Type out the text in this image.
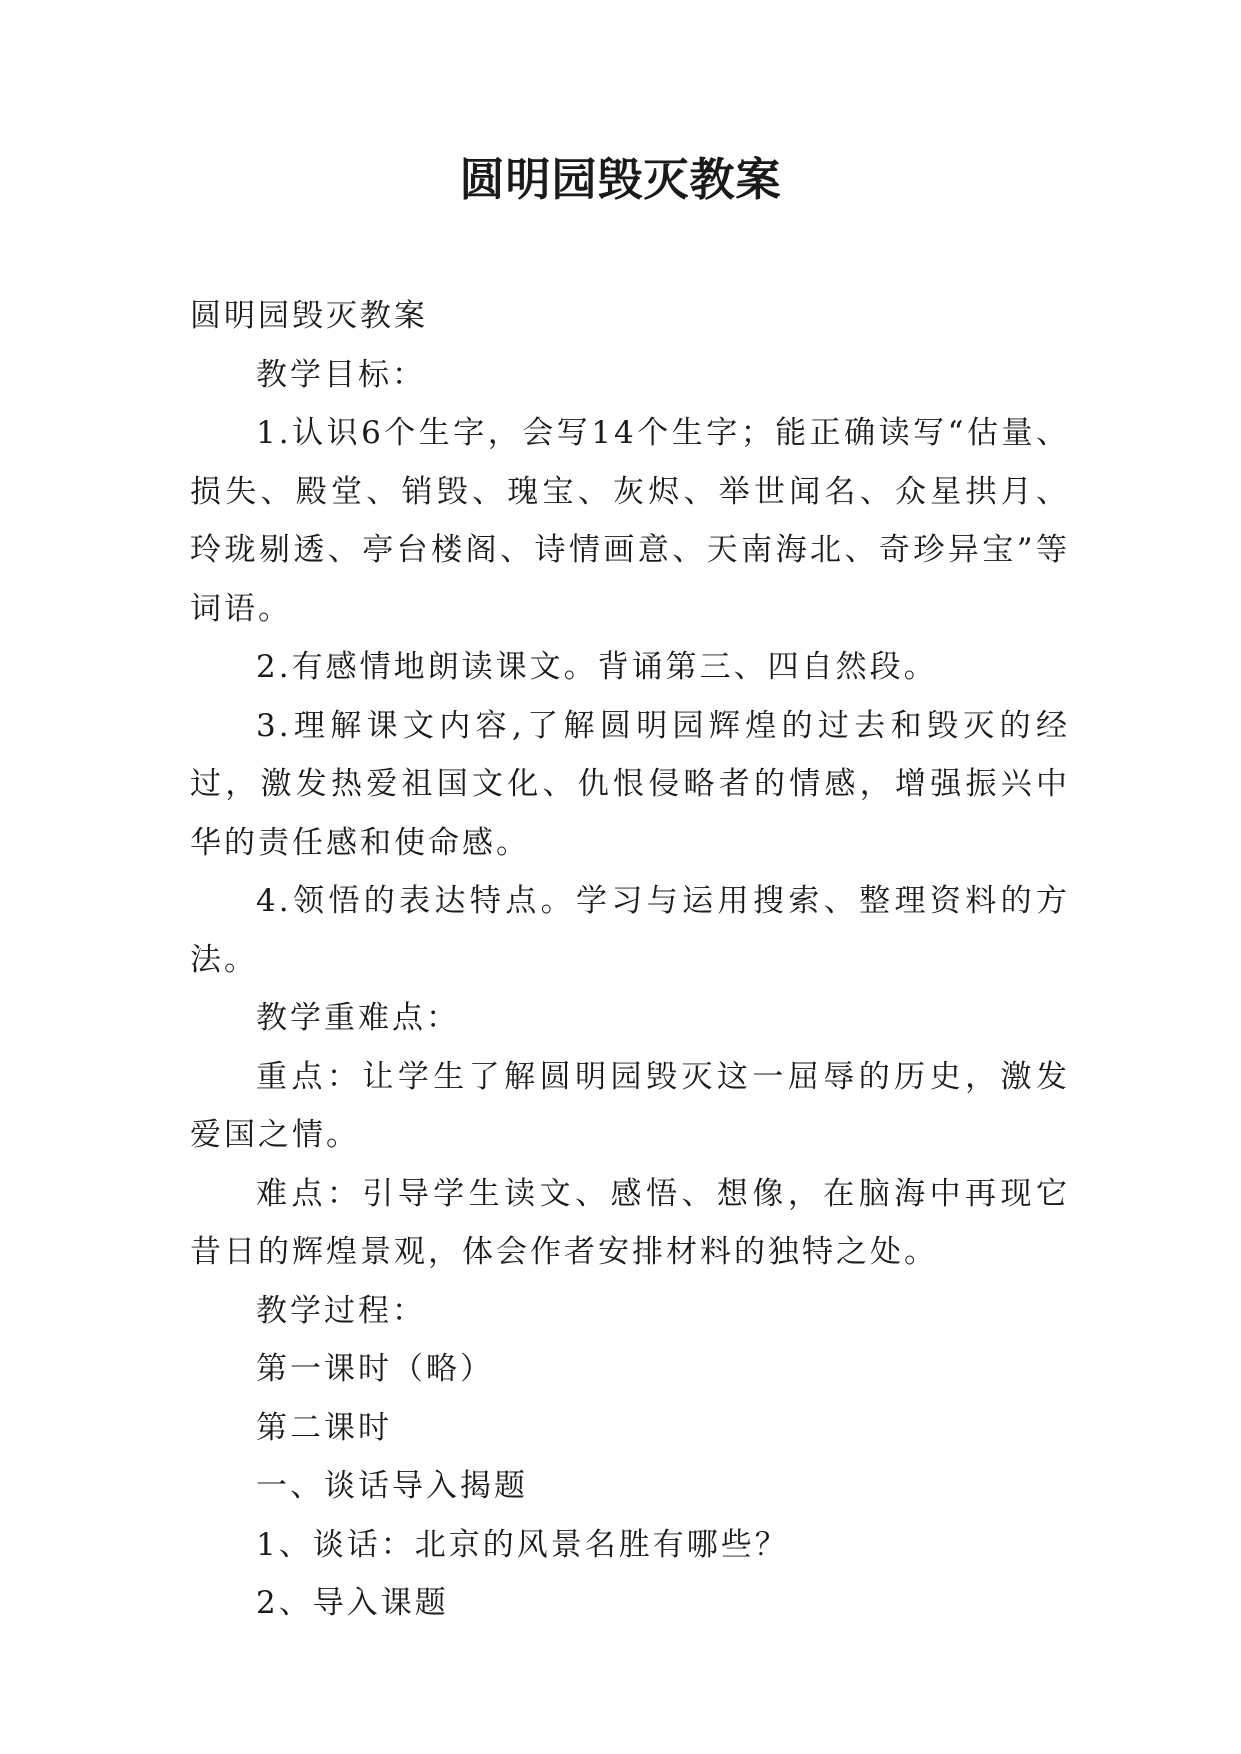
圆明园毁灭教案

圆明园毁灭教案

教学目标：

1.认识6个生字，会写14个生字；能正确读写“估量、损失、殿堂、销毁、瑰宝、灰烬、举世闻名、众星拱月、玲珑剔透、亭台楼阁、诗情画意、天南海北、奇珍异宝”等词语。

2.有感情地朗读课文。背诵第三、四自然段。

3.理解课文内容,了解圆明园辉煌的过去和毁灭的经过，激发热爱祖国文化、仇恨侵略者的情感，增强振兴中华的责任感和使命感。

4.领悟的表达特点。学习与运用搜索、整理资料的方法。

教学重难点：

重点：让学生了解圆明园毁灭这一屈辱的历史，激发爱国之情。

难点：引导学生读文、感悟、想像，在脑海中再现它昔日的辉煌景观，体会作者安排材料的独特之处。

教学过程：

第一课时（略）

第二课时

一、谈话导入揭题

1、谈话：北京的风景名胜有哪些？

2、导入课题
